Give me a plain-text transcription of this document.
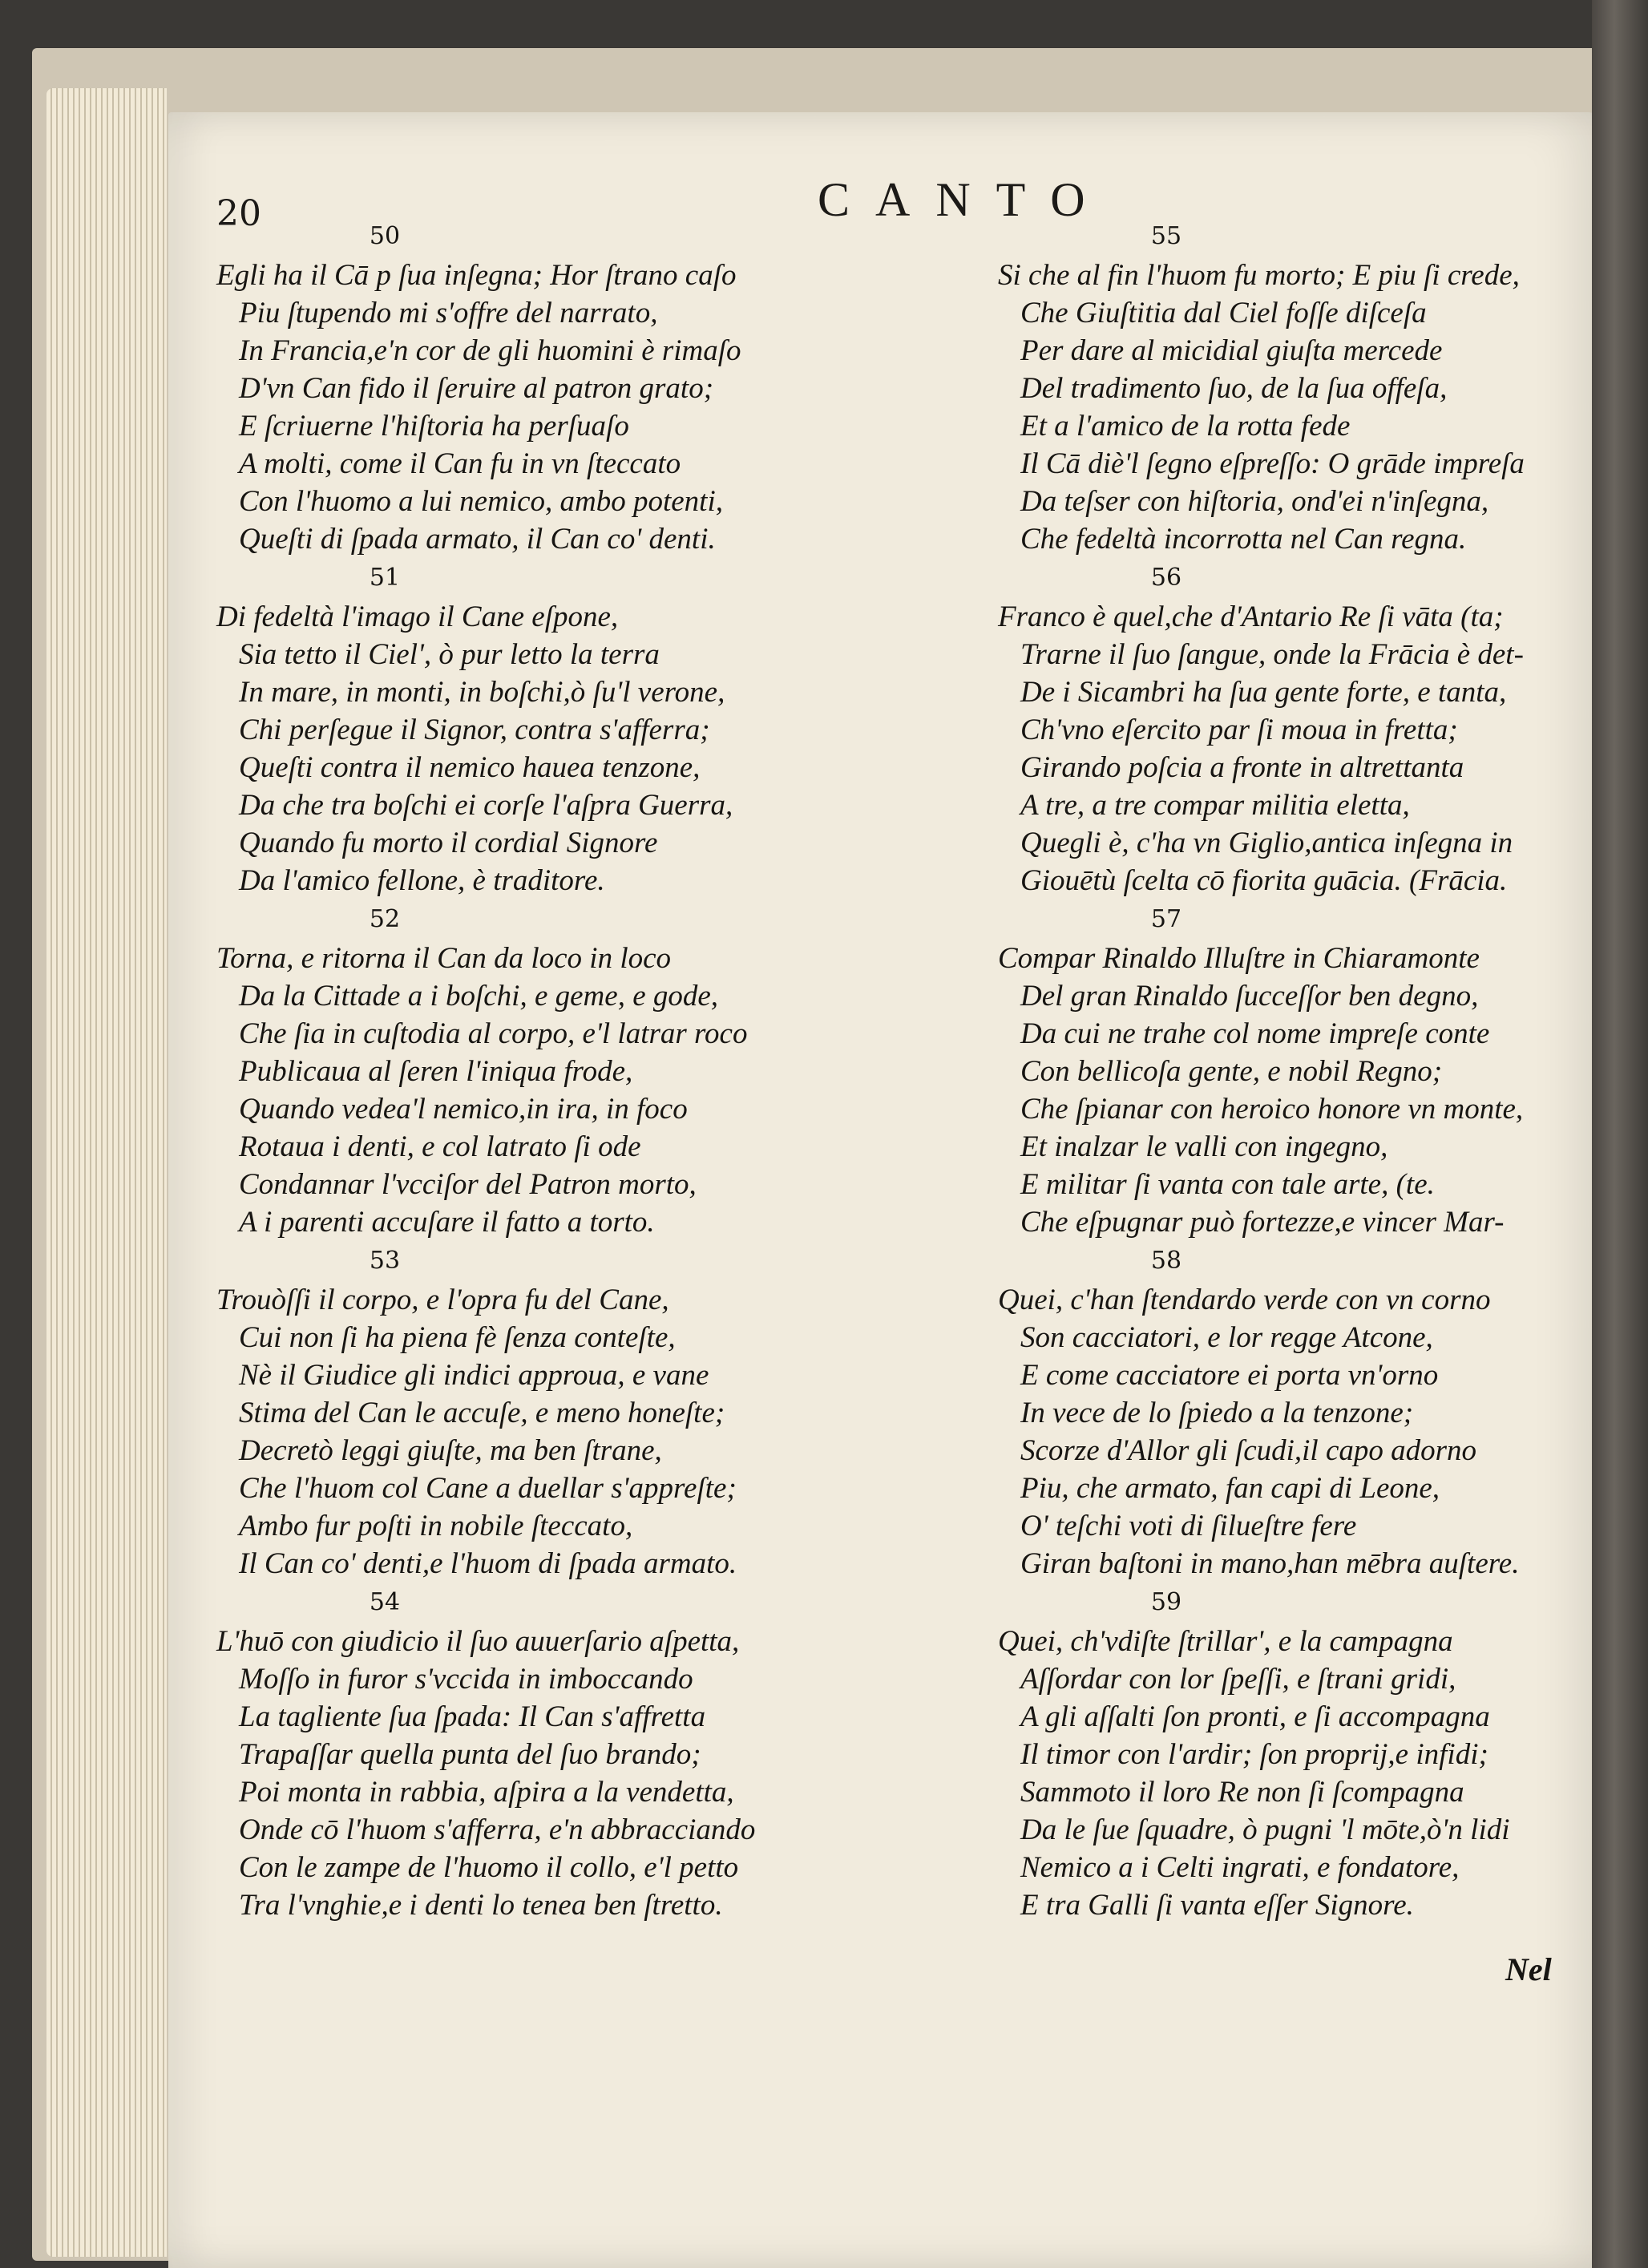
20	CANTO
50
Egli ha il Cā p ſua inſegna; Hor ſtrano caſo
Piu ſtupendo mi s'offre del narrato,
In Francia,e'n cor de gli huomini è rimaſo
D'vn Can fido il ſeruire al patron grato;
E ſcriuerne l'hiſtoria ha perſuaſo
A molti, come il Can fu in vn ſteccato
Con l'huomo a lui nemico, ambo potenti,
Queſti di ſpada armato, il Can co' denti.
51
Di fedeltà l'imago il Cane eſpone,
Sia tetto il Ciel', ò pur letto la terra
In mare, in monti, in boſchi,ò ſu'l verone,
Chi perſegue il Signor, contra s'afferra;
Queſti contra il nemico hauea tenzone,
Da che tra boſchi ei corſe l'aſpra Guerra,
Quando fu morto il cordial Signore
Da l'amico fellone, è traditore.
52
Torna, e ritorna il Can da loco in loco
Da la Cittade a i boſchi, e geme, e gode,
Che ſia in cuſtodia al corpo, e'l latrar roco
Publicaua al ſeren l'iniqua frode,
Quando vedea'l nemico,in ira, in foco
Rotaua i denti, e col latrato ſi ode
Condannar l'vcciſor del Patron morto,
A i parenti accuſare il fatto a torto.
53
Trouòſſi il corpo, e l'opra fu del Cane,
Cui non ſi ha piena fè ſenza conteſte,
Nè il Giudice gli indici approua, e vane
Stima del Can le accuſe, e meno honeſte;
Decretò leggi giuſte, ma ben ſtrane,
Che l'huom col Cane a duellar s'appreſte;
Ambo fur poſti in nobile ſteccato,
Il Can co' denti,e l'huom di ſpada armato.
54
L'huō con giudicio il ſuo auuerſario aſpetta,
Moſſo in furor s'vccida in imboccando
La tagliente ſua ſpada: Il Can s'affretta
Trapaſſar quella punta del ſuo brando;
Poi monta in rabbia, aſpira a la vendetta,
Onde cō l'huom s'afferra, e'n abbracciando
Con le zampe de l'huomo il collo, e'l petto
Tra l'vnghie,e i denti lo tenea ben ſtretto.
55
Si che al fin l'huom fu morto; E piu ſi crede,
Che Giuſtitia dal Ciel foſſe diſceſa
Per dare al micidial giuſta mercede
Del tradimento ſuo, de la ſua offeſa,
Et a l'amico de la rotta fede
Il Cā diè'l ſegno eſpreſſo: O grāde impreſa
Da teſser con hiſtoria, ond'ei n'inſegna,
Che fedeltà incorrotta nel Can regna.
56
Franco è quel,che d'Antario Re ſi vāta (ta;
Trarne il ſuo ſangue, onde la Frācia è det-
De i Sicambri ha ſua gente forte, e tanta,
Ch'vno eſercito par ſi moua in fretta;
Girando poſcia a fronte in altrettanta
A tre, a tre compar militia eletta,
Quegli è, c'ha vn Giglio,antica inſegna in
Giouētù ſcelta cō fiorita guācia. (Frācia.
57
Compar Rinaldo Illuſtre in Chiaramonte
Del gran Rinaldo ſucceſſor ben degno,
Da cui ne trahe col nome impreſe conte
Con bellicoſa gente, e nobil Regno;
Che ſpianar con heroico honore vn monte,
Et inalzar le valli con ingegno,
E militar ſi vanta con tale arte, (te.
Che eſpugnar può fortezze,e vincer Mar-
58
Quei, c'han ſtendardo verde con vn corno
Son cacciatori, e lor regge Atcone,
E come cacciatore ei porta vn'orno
In vece de lo ſpiedo a la tenzone;
Scorze d'Allor gli ſcudi,il capo adorno
Piu, che armato, fan capi di Leone,
O' teſchi voti di ſilueſtre fere
Giran baſtoni in mano,han mēbra auſtere.
59
Quei, ch'vdiſte ſtrillar', e la campagna
Aſſordar con lor ſpeſſi, e ſtrani gridi,
A gli aſſalti ſon pronti, e ſi accompagna
Il timor con l'ardir; ſon proprij,e infidi;
Sammoto il loro Re non ſi ſcompagna
Da le ſue ſquadre, ò pugni 'l mōte,ò'n lidi
Nemico a i Celti ingrati, e fondatore,
E tra Galli ſi vanta eſſer Signore.
Nel
